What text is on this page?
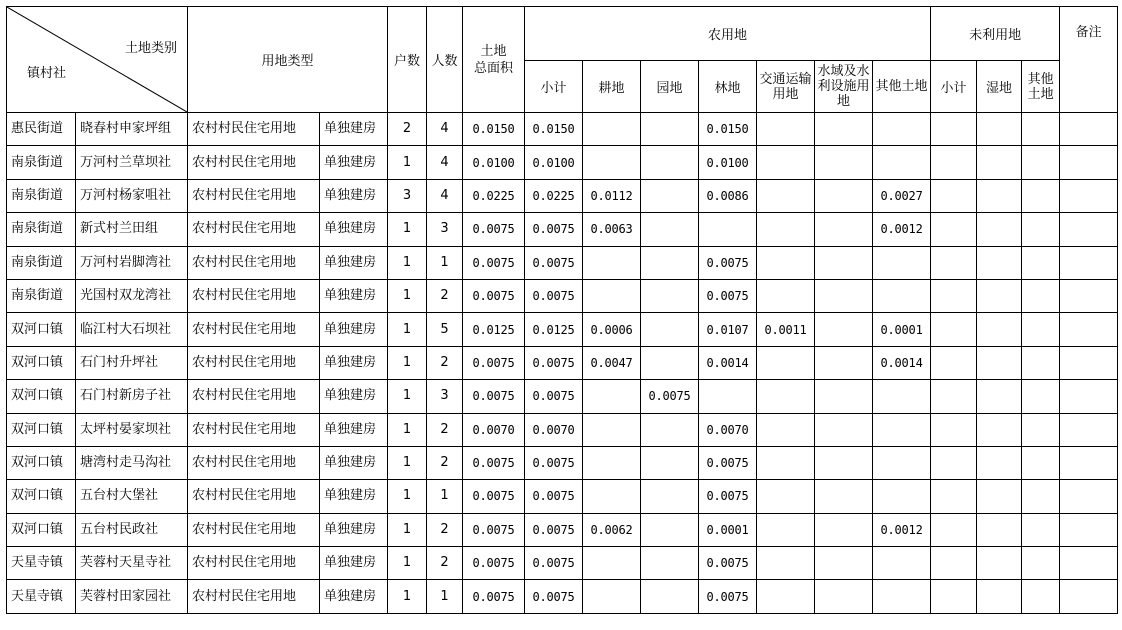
土地类别
镇村社		用地类型		户数	人数	土地
总面积	农用地							未利用地			备注
							小计	耕地	园地	林地	交通运输用地	水域及水利设施用地	其他土地	小计	湿地	其他土地	
惠民街道	晓春村申家坪组	农村村民住宅用地	单独建房	2	4	0.0150	0.0150			0.0150							
南泉街道	万河村兰草坝社	农村村民住宅用地	单独建房	1	4	0.0100	0.0100			0.0100							
南泉街道	万河村杨家咀社	农村村民住宅用地	单独建房	3	4	0.0225	0.0225	0.0112		0.0086			0.0027				
南泉街道	新式村兰田组	农村村民住宅用地	单独建房	1	3	0.0075	0.0075	0.0063					0.0012				
南泉街道	万河村岩脚湾社	农村村民住宅用地	单独建房	1	1	0.0075	0.0075			0.0075							
南泉街道	光国村双龙湾社	农村村民住宅用地	单独建房	1	2	0.0075	0.0075			0.0075							
双河口镇	临江村大石坝社	农村村民住宅用地	单独建房	1	5	0.0125	0.0125	0.0006		0.0107	0.0011		0.0001				
双河口镇	石门村升坪社	农村村民住宅用地	单独建房	1	2	0.0075	0.0075	0.0047		0.0014			0.0014				
双河口镇	石门村新房子社	农村村民住宅用地	单独建房	1	3	0.0075	0.0075		0.0075								
双河口镇	太坪村晏家坝社	农村村民住宅用地	单独建房	1	2	0.0070	0.0070			0.0070							
双河口镇	塘湾村走马沟社	农村村民住宅用地	单独建房	1	2	0.0075	0.0075			0.0075							
双河口镇	五台村大堡社	农村村民住宅用地	单独建房	1	1	0.0075	0.0075			0.0075							
双河口镇	五台村民政社	农村村民住宅用地	单独建房	1	2	0.0075	0.0075	0.0062		0.0001			0.0012				
天星寺镇	芙蓉村天星寺社	农村村民住宅用地	单独建房	1	2	0.0075	0.0075			0.0075							
天星寺镇	芙蓉村田家园社	农村村民住宅用地	单独建房	1	1	0.0075	0.0075			0.0075							
